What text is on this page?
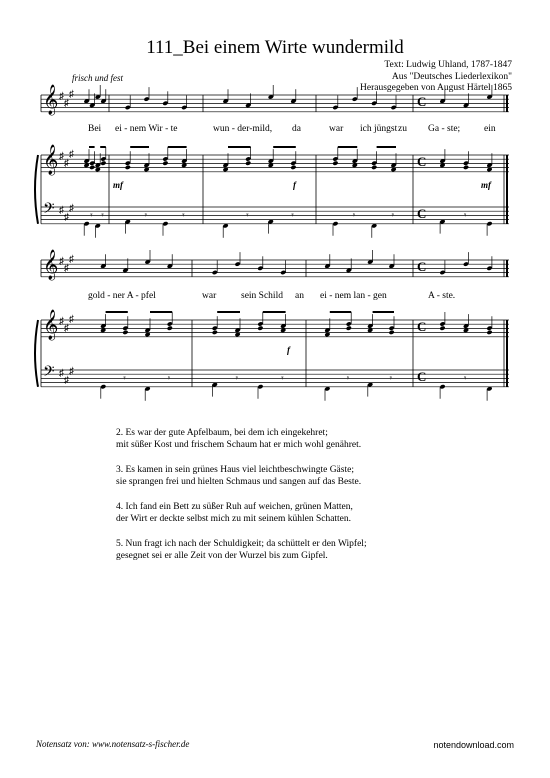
111_Bei einem Wirte wundermild
Text: Ludwig Uhland, 1787-1847
Aus "Deutsches Liederlexikon"
Herausgegeben von August Härtel 1865
frisch und fest
𝄞
𝄞
𝄢
♯
♯
♯
♯
♯
♯
♯
♯
♯
C
C
C
𝄾 𝄾	𝄾	𝄾	𝄾	𝄾	𝄾	𝄾	𝄾
𝄞
𝄞
𝄢
♯
♯
♯
♯
♯
♯
♯
♯
♯
C
C
C
𝄾	𝄾	𝄾	𝄾	𝄾	𝄾	𝄾
Bei ei - nem Wir - te	wun - der-mild, da	war ich jüngst zu Ga - ste;	ein
mf	f	mf
gold - ner A - pfel	war	sein Schild an ei - nem lan - gen	A - ste.
f
2. Es war der gute Apfelbaum, bei dem ich eingekehret;
mit süßer Kost und frischem Schaum hat er mich wohl genähret.
3. Es kamen in sein grünes Haus viel leichtbeschwingte Gäste;
sie sprangen frei und hielten Schmaus und sangen auf das Beste.
4. Ich fand ein Bett zu süßer Ruh auf weichen, grünen Matten,
der Wirt er deckte selbst mich zu mit seinem kühlen Schatten.
5. Nun fragt ich nach der Schuldigkeit; da schüttelt er den Wipfel;
gesegnet sei er alle Zeit von der Wurzel bis zum Gipfel.
Notensatz von: www.notensatz-s-fischer.de	notendownload.com
